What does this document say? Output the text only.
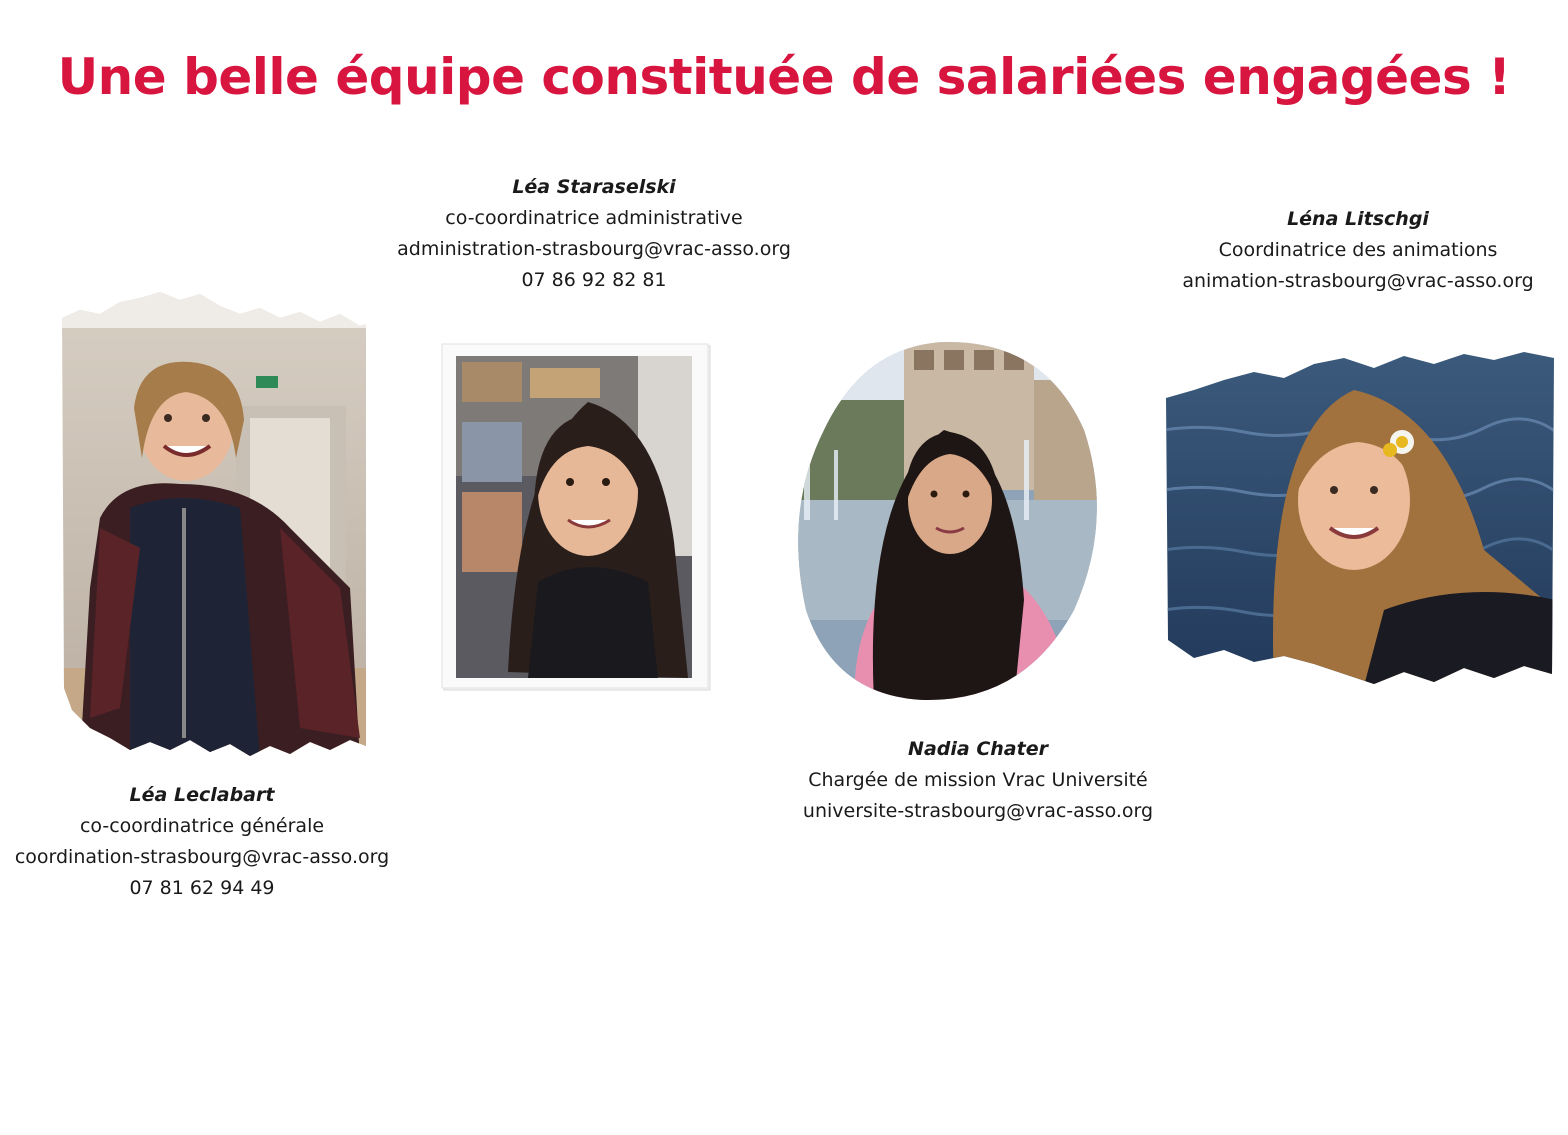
Une belle équipe constituée de salariées engagées !
Léa Staraselski
co-coordinatrice administrative
administration-strasbourg@vrac-asso.org
07 86 92 82 81
Léna Litschgi
Coordinatrice des animations
animation-strasbourg@vrac-asso.org
Nadia Chater
Chargée de mission Vrac Université
universite-strasbourg@vrac-asso.org
Léa Leclabart
co-coordinatrice générale
coordination-strasbourg@vrac-asso.org
07 81 62 94 49
